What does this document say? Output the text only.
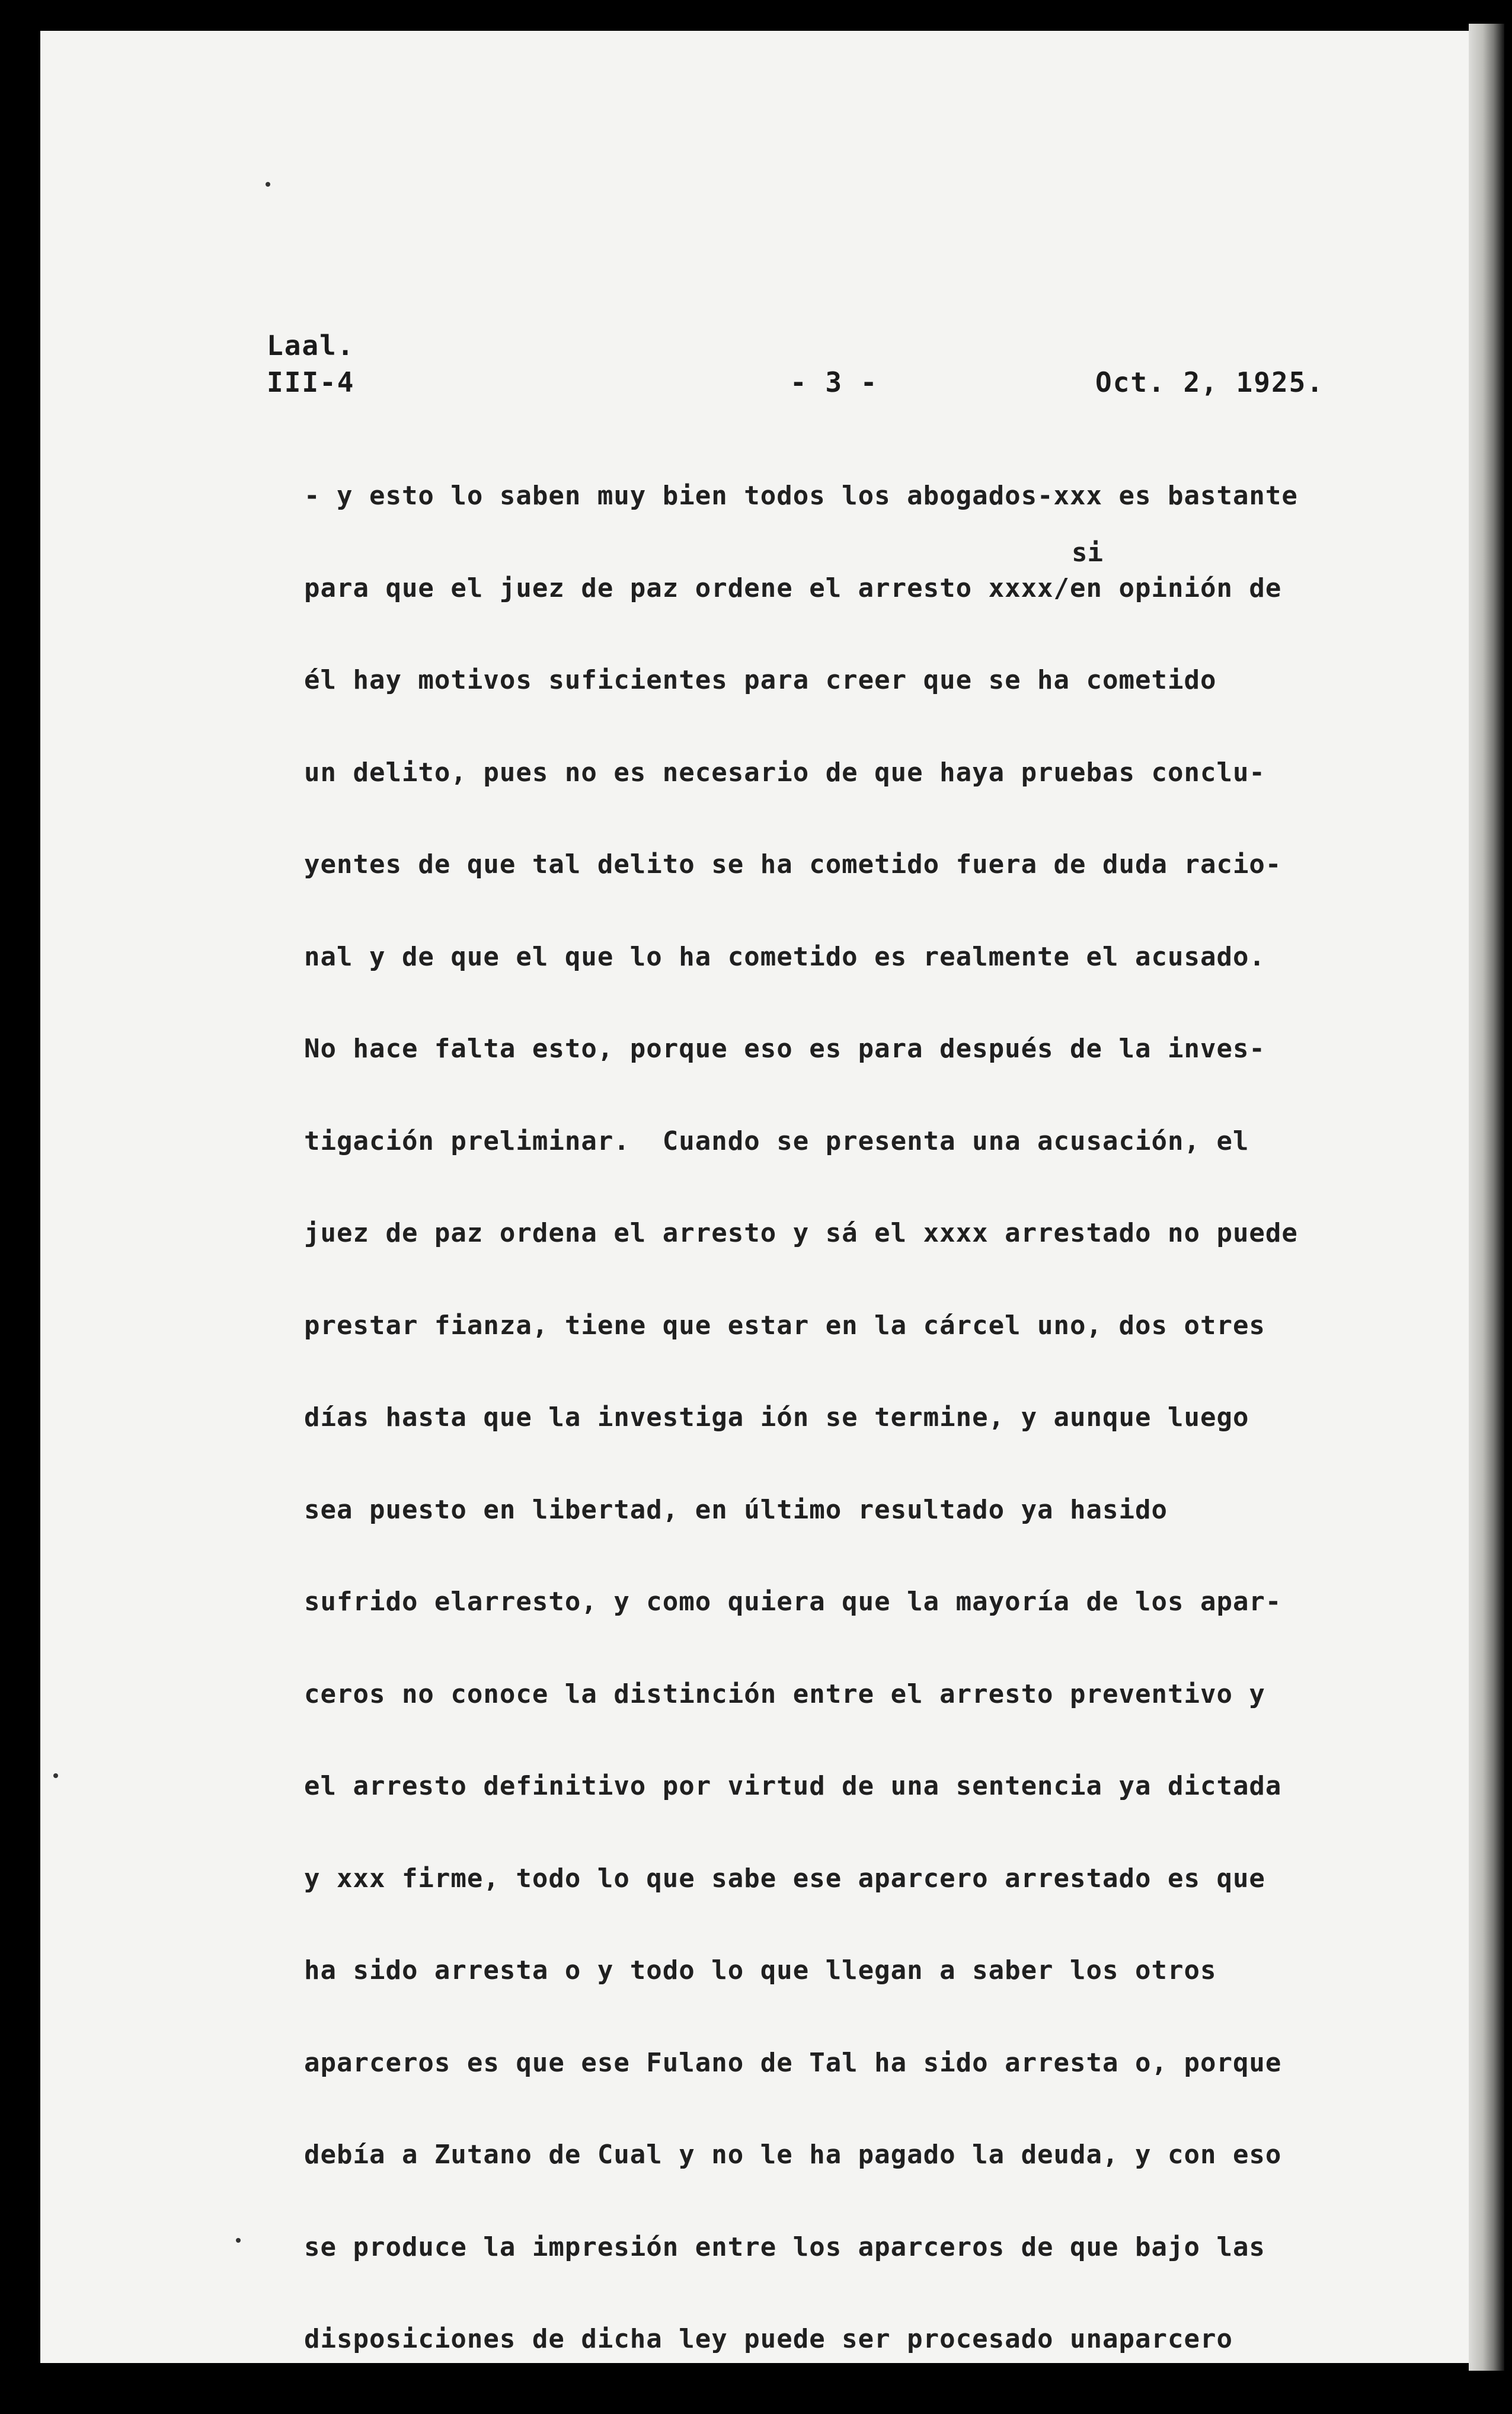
Laal.
III-4	- 3 -	Oct. 2, 1925.
si
- y esto lo saben muy bien todos los abogados-xxx es bastante
para que el juez de paz ordene el arresto xxxx/en opinión de
él hay motivos suficientes para creer que se ha cometido
un delito, pues no es necesario de que haya pruebas conclu-
yentes de que tal delito se ha cometido fuera de duda racio-
nal y de que el que lo ha cometido es realmente el acusado.
No hace falta esto, porque eso es para después de la inves-
tigación preliminar.  Cuando se presenta una acusación, el
juez de paz ordena el arresto y sá el xxxx arrestado no puede
prestar fianza, tiene que estar en la cárcel uno, dos otres
días hasta que la investiga ión se termine, y aunque luego
sea puesto en libertad, en último resultado ya hasido
sufrido elarresto, y como quiera que la mayoría de los apar-
ceros no conoce la distinción entre el arresto preventivo y
el arresto definitivo por virtud de una sentencia ya dictada
y xxx firme, todo lo que sabe ese aparcero arrestado es que
ha sido arresta o y todo lo que llegan a saber los otros
aparceros es que ese Fulano de Tal ha sido arresta o, porque
debía a Zutano de Cual y no le ha pagado la deuda, y con eso
se produce la impresión entre los aparceros de que bajo las
disposiciones de dicha ley puede ser procesado unaparcero
